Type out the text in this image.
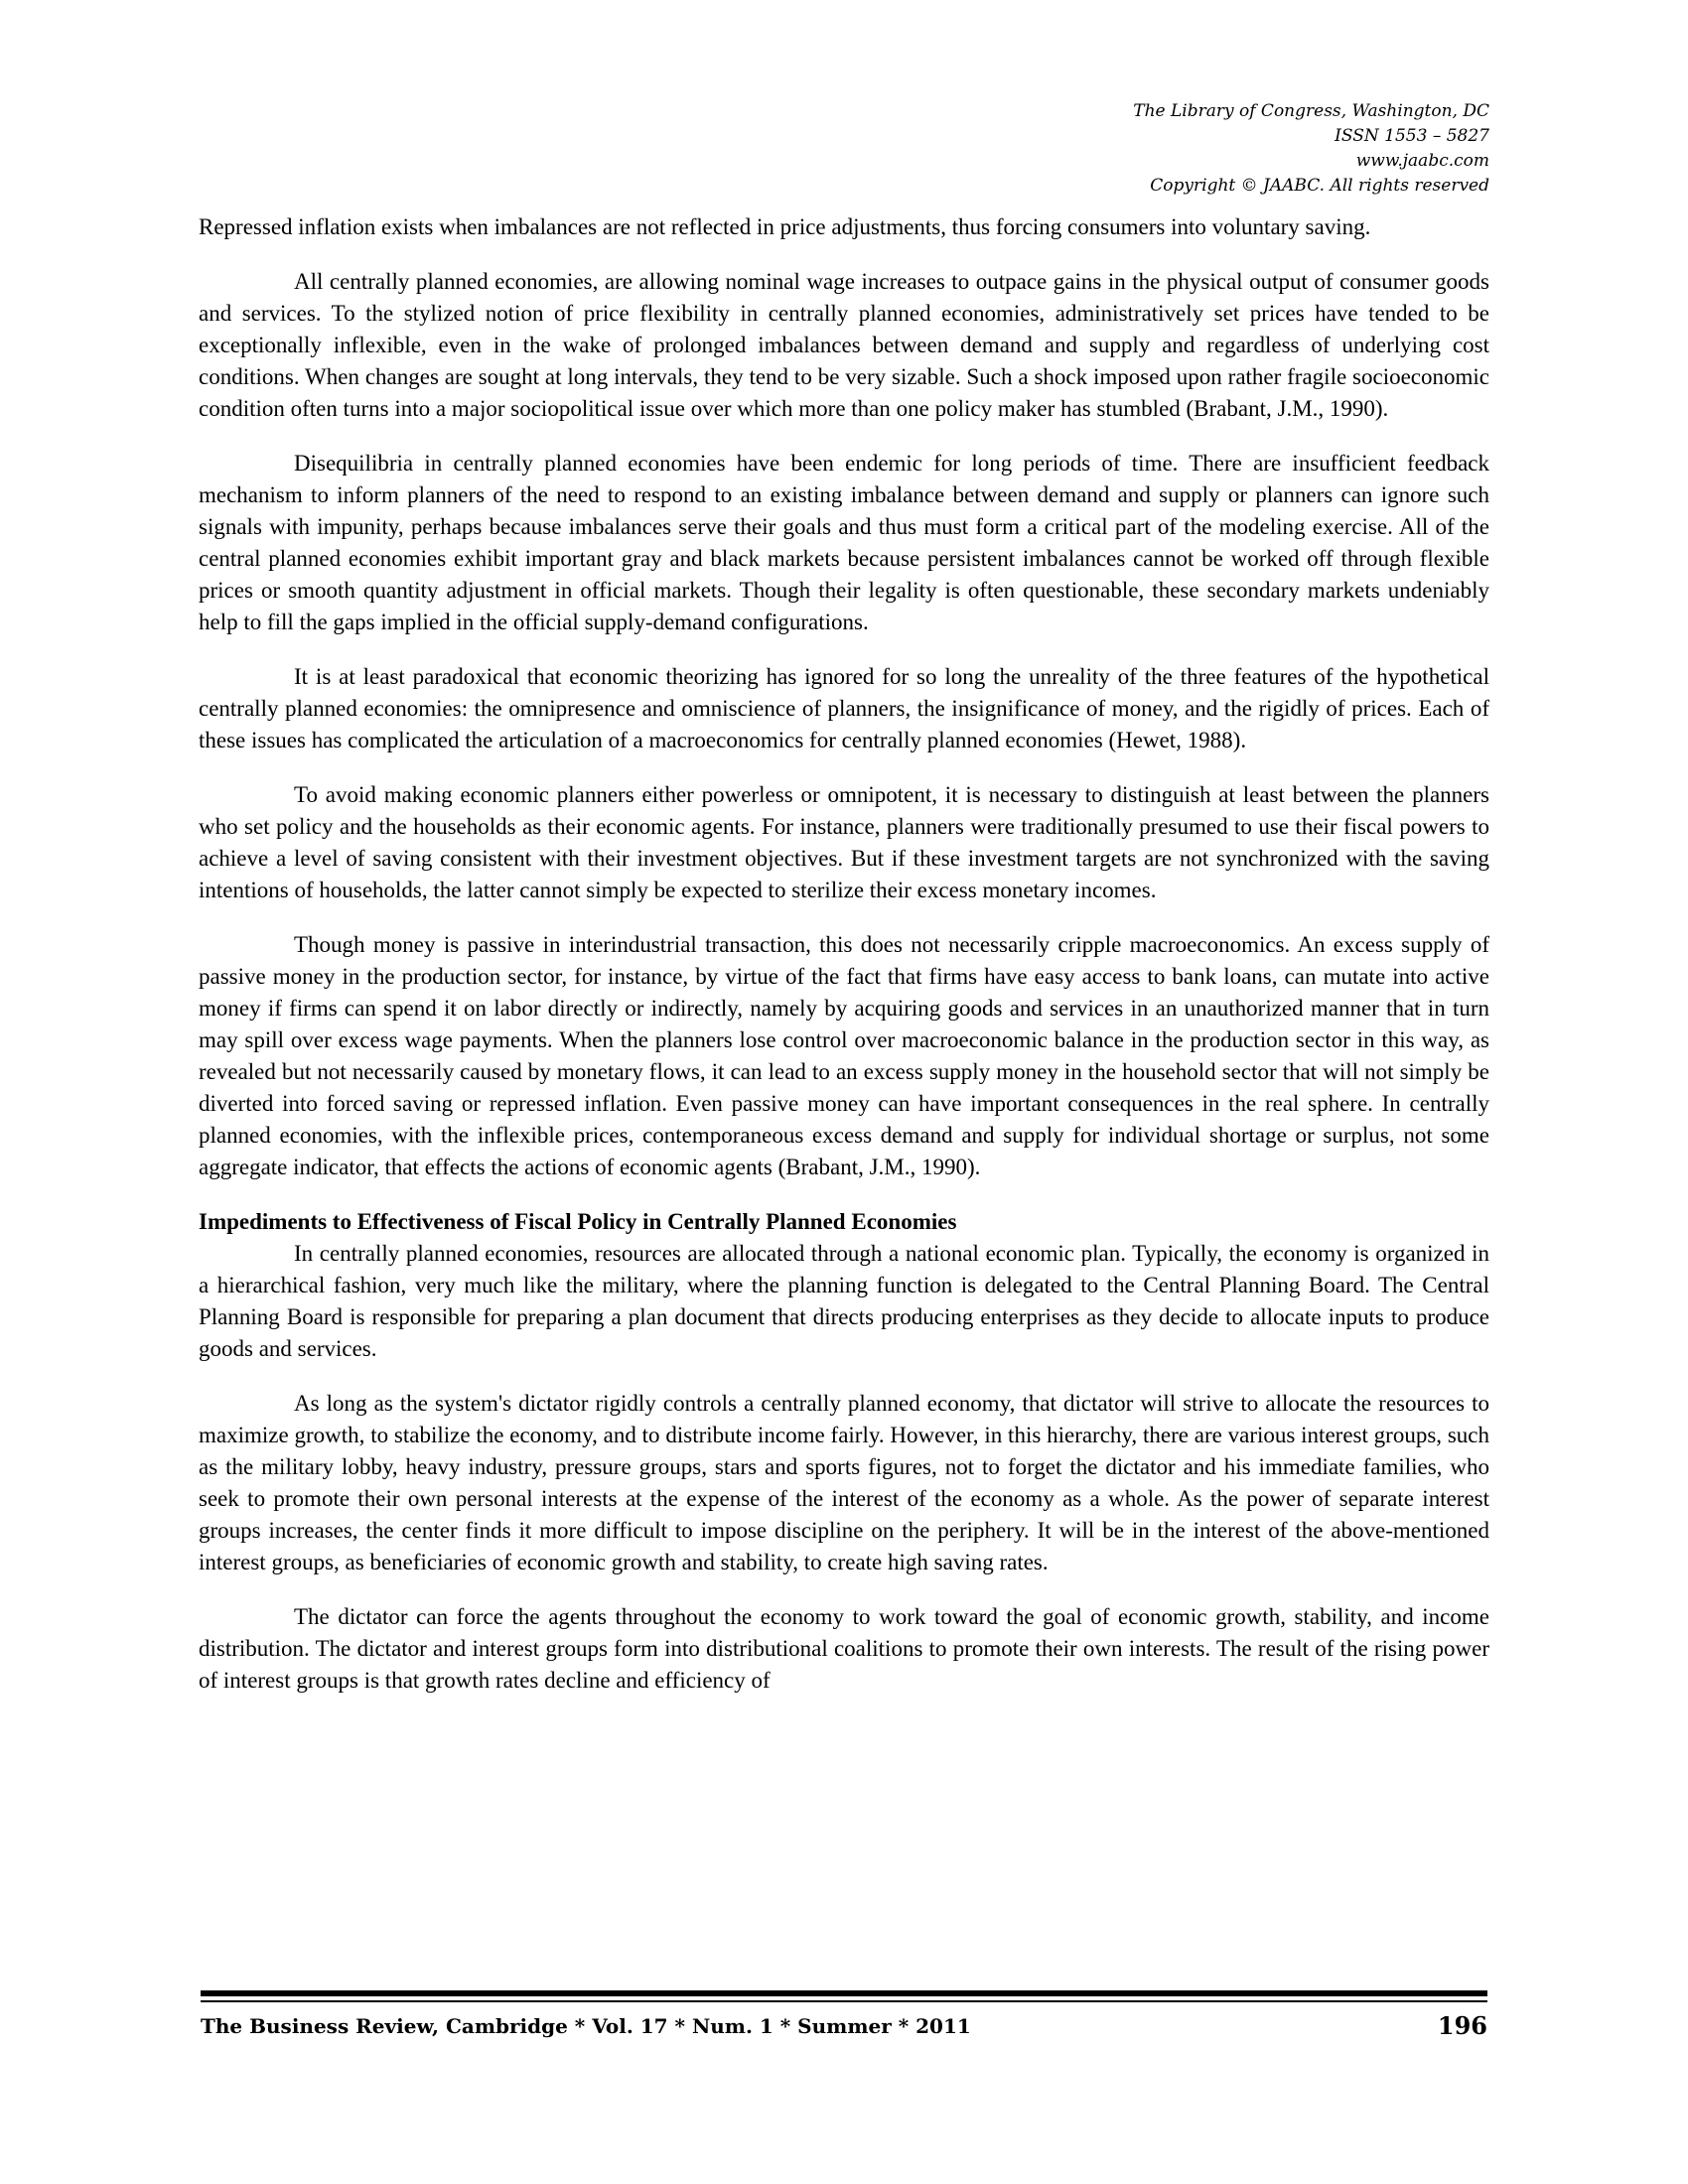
The Library of Congress, Washington, DC
ISSN 1553 – 5827
www.jaabc.com
Copyright © JAABC. All rights reserved

Repressed inflation exists when imbalances are not reflected in price adjustments, thus forcing consumers into voluntary saving.

All centrally planned economies, are allowing nominal wage increases to outpace gains in the physical output of consumer goods and services. To the stylized notion of price flexibility in centrally planned economies, administratively set prices have tended to be exceptionally inflexible, even in the wake of prolonged imbalances between demand and supply and regardless of underlying cost conditions. When changes are sought at long intervals, they tend to be very sizable. Such a shock imposed upon rather fragile socioeconomic condition often turns into a major sociopolitical issue over which more than one policy maker has stumbled (Brabant, J.M., 1990).

Disequilibria in centrally planned economies have been endemic for long periods of time. There are insufficient feedback mechanism to inform planners of the need to respond to an existing imbalance between demand and supply or planners can ignore such signals with impunity, perhaps because imbalances serve their goals and thus must form a critical part of the modeling exercise. All of the central planned economies exhibit important gray and black markets because persistent imbalances cannot be worked off through flexible prices or smooth quantity adjustment in official markets. Though their legality is often questionable, these secondary markets undeniably help to fill the gaps implied in the official supply-demand configurations.

It is at least paradoxical that economic theorizing has ignored for so long the unreality of the three features of the hypothetical centrally planned economies: the omnipresence and omniscience of planners, the insignificance of money, and the rigidly of prices. Each of these issues has complicated the articulation of a macroeconomics for centrally planned economies (Hewet, 1988).

To avoid making economic planners either powerless or omnipotent, it is necessary to distinguish at least between the planners who set policy and the households as their economic agents. For instance, planners were traditionally presumed to use their fiscal powers to achieve a level of saving consistent with their investment objectives. But if these investment targets are not synchronized with the saving intentions of households, the latter cannot simply be expected to sterilize their excess monetary incomes.

Though money is passive in interindustrial transaction, this does not necessarily cripple macroeconomics. An excess supply of passive money in the production sector, for instance, by virtue of the fact that firms have easy access to bank loans, can mutate into active money if firms can spend it on labor directly or indirectly, namely by acquiring goods and services in an unauthorized manner that in turn may spill over excess wage payments. When the planners lose control over macroeconomic balance in the production sector in this way, as revealed but not necessarily caused by monetary flows, it can lead to an excess supply money in the household sector that will not simply be diverted into forced saving or repressed inflation. Even passive money can have important consequences in the real sphere. In centrally planned economies, with the inflexible prices, contemporaneous excess demand and supply for individual shortage or surplus, not some aggregate indicator, that effects the actions of economic agents (Brabant, J.M., 1990).

Impediments to Effectiveness of Fiscal Policy in Centrally Planned Economies

In centrally planned economies, resources are allocated through a national economic plan. Typically, the economy is organized in a hierarchical fashion, very much like the military, where the planning function is delegated to the Central Planning Board. The Central Planning Board is responsible for preparing a plan document that directs producing enterprises as they decide to allocate inputs to produce goods and services.

As long as the system's dictator rigidly controls a centrally planned economy, that dictator will strive to allocate the resources to maximize growth, to stabilize the economy, and to distribute income fairly. However, in this hierarchy, there are various interest groups, such as the military lobby, heavy industry, pressure groups, stars and sports figures, not to forget the dictator and his immediate families, who seek to promote their own personal interests at the expense of the interest of the economy as a whole. As the power of separate interest groups increases, the center finds it more difficult to impose discipline on the periphery. It will be in the interest of the above-mentioned interest groups, as beneficiaries of economic growth and stability, to create high saving rates.

The dictator can force the agents throughout the economy to work toward the goal of economic growth, stability, and income distribution. The dictator and interest groups form into distributional coalitions to promote their own interests. The result of the rising power of interest groups is that growth rates decline and efficiency of

The Business Review, Cambridge * Vol. 17 * Num. 1 * Summer * 2011	196
